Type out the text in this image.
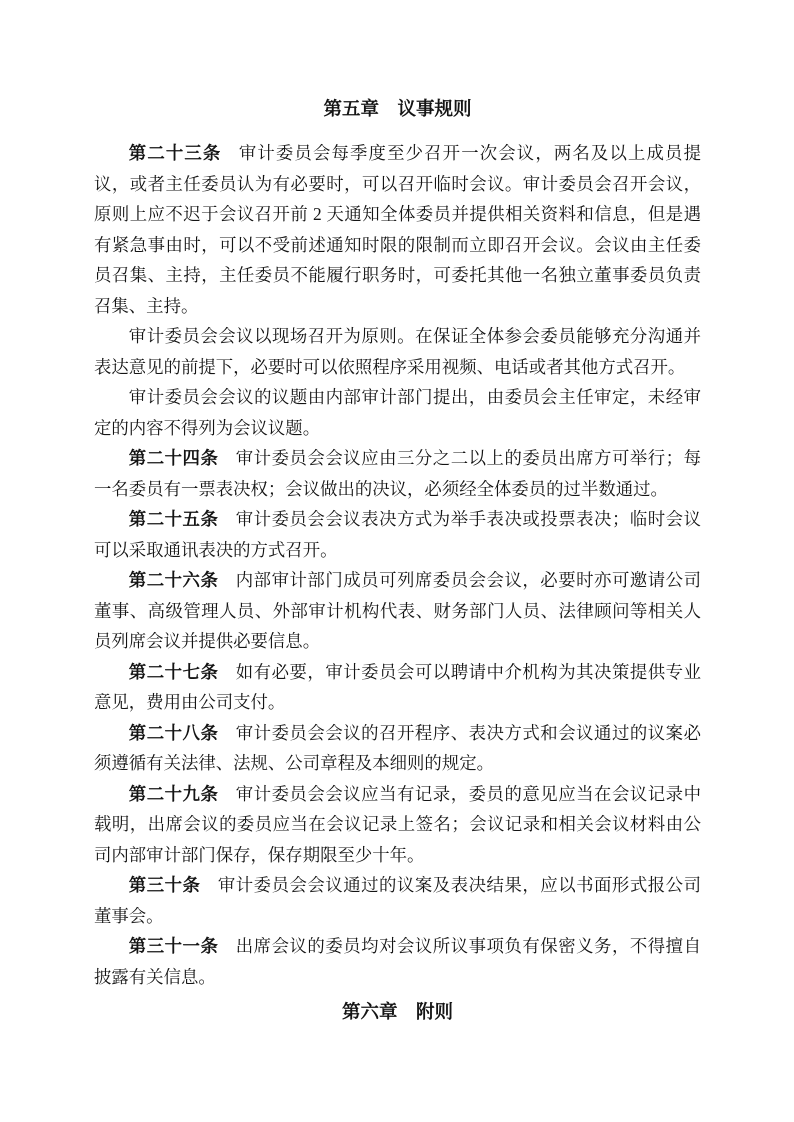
第五章　议事规则

第二十三条 审计委员会每季度至少召开一次会议，两名及以上成员提议，或者主任委员认为有必要时，可以召开临时会议。审计委员会召开会议，原则上应不迟于会议召开前 2 天通知全体委员并提供相关资料和信息，但是遇有紧急事由时，可以不受前述通知时限的限制而立即召开会议。会议由主任委员召集、主持，主任委员不能履行职务时，可委托其他一名独立董事委员负责召集、主持。

审计委员会会议以现场召开为原则。在保证全体参会委员能够充分沟通并表达意见的前提下，必要时可以依照程序采用视频、电话或者其他方式召开。

审计委员会会议的议题由内部审计部门提出，由委员会主任审定，未经审定的内容不得列为会议议题。

第二十四条 审计委员会会议应由三分之二以上的委员出席方可举行；每一名委员有一票表决权；会议做出的决议，必须经全体委员的过半数通过。

第二十五条 审计委员会会议表决方式为举手表决或投票表决；临时会议可以采取通讯表决的方式召开。

第二十六条 内部审计部门成员可列席委员会会议，必要时亦可邀请公司董事、高级管理人员、外部审计机构代表、财务部门人员、法律顾问等相关人员列席会议并提供必要信息。

第二十七条 如有必要，审计委员会可以聘请中介机构为其决策提供专业意见，费用由公司支付。

第二十八条 审计委员会会议的召开程序、表决方式和会议通过的议案必须遵循有关法律、法规、公司章程及本细则的规定。

第二十九条 审计委员会会议应当有记录，委员的意见应当在会议记录中载明，出席会议的委员应当在会议记录上签名；会议记录和相关会议材料由公司内部审计部门保存，保存期限至少十年。

第三十条 审计委员会会议通过的议案及表决结果，应以书面形式报公司董事会。

第三十一条 出席会议的委员均对会议所议事项负有保密义务，不得擅自披露有关信息。

第六章　附则
